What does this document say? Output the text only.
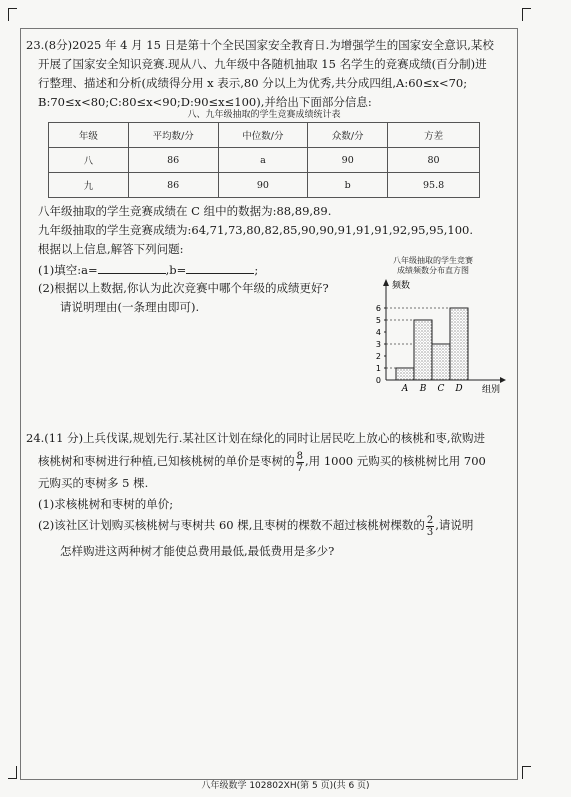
23.(8分)2025 年 4 月 15 日是第十个全民国家安全教育日.为增强学生的国家安全意识,某校
开展了国家安全知识竞赛.现从八、九年级中各随机抽取 15 名学生的竞赛成绩(百分制)进
行整理、描述和分析(成绩得分用 x 表示,80 分以上为优秀,共分成四组,A:60≤x<70;
B:70≤x<80;C:80≤x<90;D:90≤x≤100),并给出下面部分信息:
八、九年级抽取的学生竞赛成绩统计表
年级	平均数/分	中位数/分	众数/分	方差
八	86	a	90	80
九	86	90	b	95.8
八年级抽取的学生竞赛成绩在 C 组中的数据为:88,89,89.
九年级抽取的学生竞赛成绩为:64,71,73,80,82,85,90,90,91,91,91,92,95,95,100.
根据以上信息,解答下列问题:
(1)填空:a=	,b=	;
(2)根据以上数据,你认为此次竞赛中哪个年级的成绩更好?
请说明理由(一条理由即可).
八年级抽取的学生竞赛
成绩频数分布直方图
0
1
2
3
4
5
6
A B C D
频数
组别
24.(11 分)上兵伐谋,规划先行.某社区计划在绿化的同时让居民吃上放心的核桃和枣,欲购进
核桃树和枣树进行种植,已知核桃树的单价是枣树的 $\frac{8}{7}$ ,用 1000 元购买的核桃树比用 700
元购买的枣树多 5 棵.
(1)求核桃树和枣树的单价;
(2)该社区计划购买核桃树与枣树共 60 棵,且枣树的棵数不超过核桃树棵数的 $\frac{2}{3}$ ,请说明
怎样购进这两种树才能使总费用最低,最低费用是多少?
八年级数学 102802XH(第 5 页)(共 6 页)
